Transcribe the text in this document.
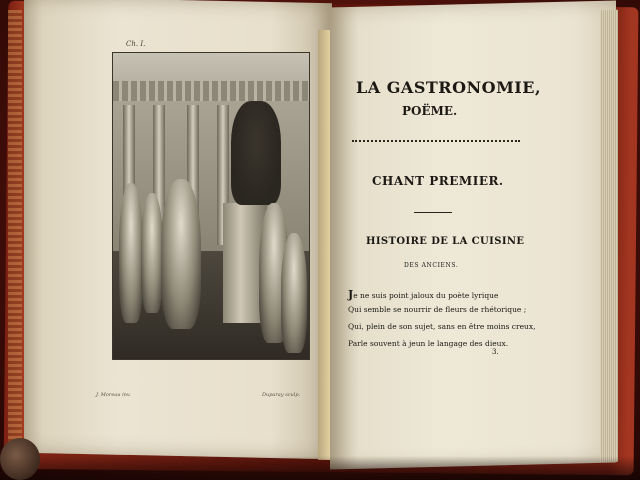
Ch. I.
J. Moreau inv.	Duparay sculp.
LA GASTRONOMIE,
POËME.
CHANT PREMIER.
HISTOIRE DE LA CUISINE
DES ANCIENS.
Je ne suis point jaloux du poète lyrique
Qui semble se nourrir de fleurs de rhétorique ;
Qui, plein de son sujet, sans en être moins creux,
Parle souvent à jeun le langage des dieux.
3.
